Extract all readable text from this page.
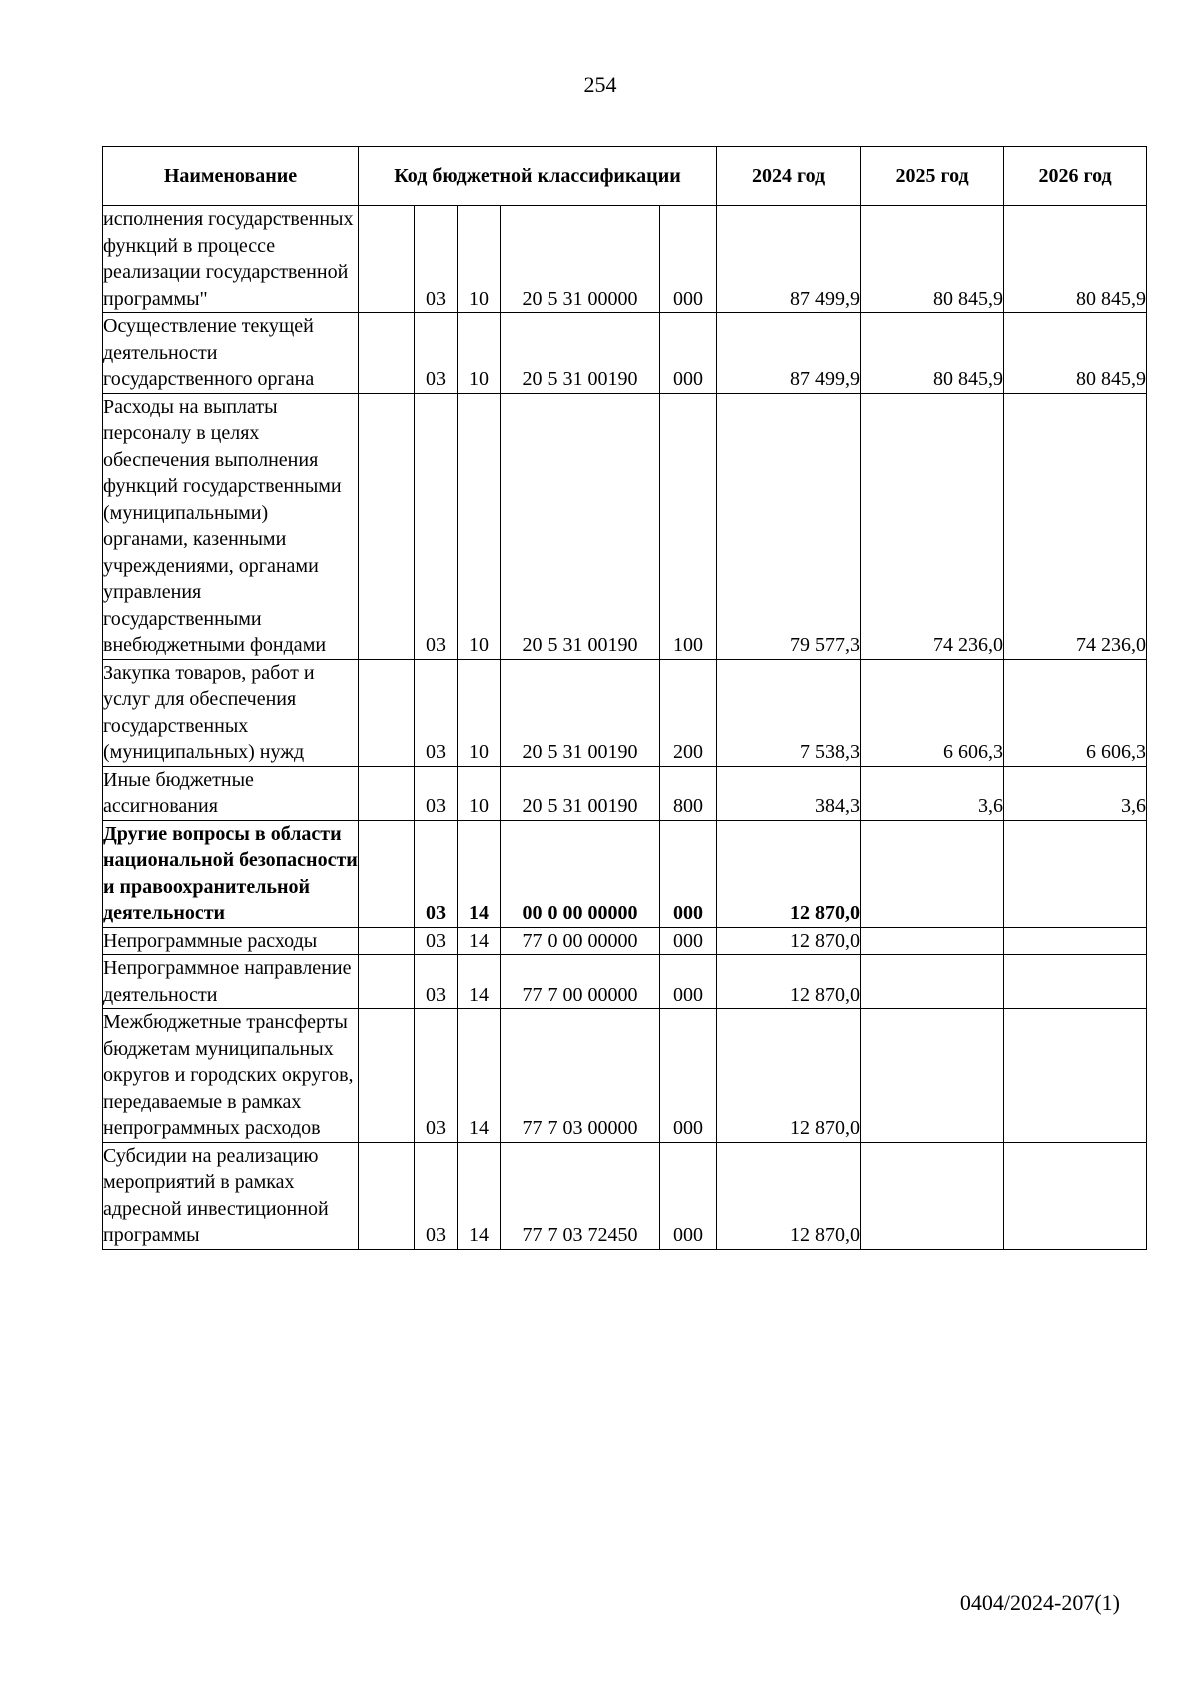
254
Наименование	Код бюджетной классификации					2024 год	2025 год	2026 год
исполнения государственных функций в процессе реализации государственной программы"		03	10	20 5 31 00000	000	87 499,9	80 845,9	80 845,9
Осуществление текущей деятельности государственного органа		03	10	20 5 31 00190	000	87 499,9	80 845,9	80 845,9
Расходы на выплаты персоналу в целях обеспечения выполнения функций государственными (муниципальными) органами, казенными учреждениями, органами управления государственными внебюджетными фондами		03	10	20 5 31 00190	100	79 577,3	74 236,0	74 236,0
Закупка товаров, работ и услуг для обеспечения государственных (муниципальных) нужд		03	10	20 5 31 00190	200	7 538,3	6 606,3	6 606,3
Иные бюджетные ассигнования		03	10	20 5 31 00190	800	384,3	3,6	3,6
Другие вопросы в области национальной безопасности и правоохранительной деятельности		03	14	00 0 00 00000	000	12 870,0		
Непрограммные расходы		03	14	77 0 00 00000	000	12 870,0		
Непрограммное направление деятельности		03	14	77 7 00 00000	000	12 870,0		
Межбюджетные трансферты бюджетам муниципальных округов и городских округов, передаваемые в рамках непрограммных расходов		03	14	77 7 03 00000	000	12 870,0		
Субсидии на реализацию мероприятий в рамках адресной инвестиционной программы		03	14	77 7 03 72450	000	12 870,0		
0404/2024-207(1)
